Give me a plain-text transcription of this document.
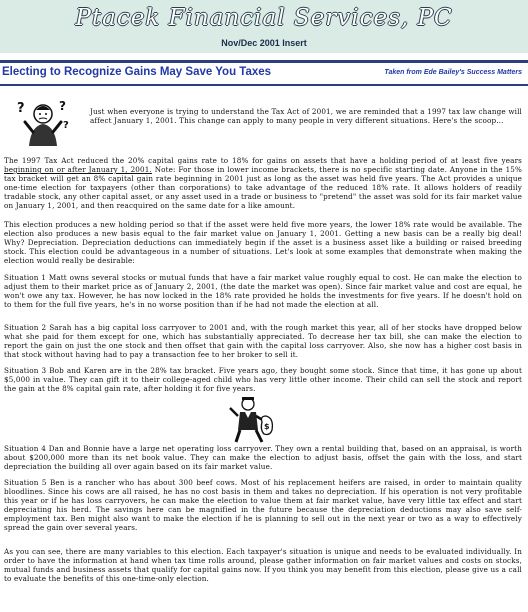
Ptacek Financial Services, PC
Nov/Dec 2001 Insert
Electing to Recognize Gains May Save You Taxes	Taken from Ede Bailey's Success Matters
?	?
?
Just when everyone is trying to understand the Tax Act of 2001, we are reminded that a 1997 tax law change will affect January 1, 2001. This change can apply to many people in very different situations. Here's the scoop...
The 1997 Tax Act reduced the 20% capital gains rate to 18% for gains on assets that have a holding period of at least five years beginning on or after January 1, 2001. Note: For those in lower income brackets, there is no specific starting date. Anyone in the 15% tax bracket will get an 8% capital gain rate beginning in 2001 just as long as the asset was held five years. The Act provides a unique one-time election for taxpayers (other than corporations) to take advantage of the reduced 18% rate. It allows holders of readily tradable stock, any other capital asset, or any asset used in a trade or business to "pretend" the asset was sold for its fair market value on January 1, 2001, and then reacquired on the same date for a like amount.
This election produces a new holding period so that if the asset were held five more years, the lower 18% rate would be available. The election also produces a new basis equal to the fair market value on January 1, 2001. Getting a new basis can be a really big deal! Why? Depreciation. Depreciation deductions can immediately begin if the asset is a business asset like a building or raised breeding stock. This election could be advantageous in a number of situations. Let's look at some examples that demonstrate when making the election would really be desirable:
Situation 1 Matt owns several stocks or mutual funds that have a fair market value roughly equal to cost. He can make the election to adjust them to their market price as of January 2, 2001, (the date the market was open). Since fair market value and cost are equal, he won't owe any tax. However, he has now locked in the 18% rate provided he holds the investments for five years. If he doesn't hold on to them for the full five years, he's in no worse position than if he had not made the election at all.
Situation 2 Sarah has a big capital loss carryover to 2001 and, with the rough market this year, all of her stocks have dropped below what she paid for them except for one, which has substantially appreciated. To decrease her tax bill, she can make the election to report the gain on just the one stock and then offset that gain with the capital loss carryover. Also, she now has a higher cost basis in that stock without having had to pay a transaction fee to her broker to sell it.
Situation 3 Bob and Karen are in the 28% tax bracket. Five years ago, they bought some stock. Since that time, it has gone up about $5,000 in value. They can gift it to their college-aged child who has very little other income. Their child can sell the stock and report the gain at the 8% capital gain rate, after holding it for five years.
$
Situation 4 Dan and Bonnie have a large net operating loss carryover. They own a rental building that, based on an appraisal, is worth about $200,000 more than its net book value. They can make the election to adjust basis, offset the gain with the loss, and start depreciation the building all over again based on its fair market value.
Situation 5 Ben is a rancher who has about 300 beef cows. Most of his replacement heifers are raised, in order to maintain quality bloodlines. Since his cows are all raised, he has no cost basis in them and takes no depreciation. If his operation is not very profitable this year or if he has loss carryovers, he can make the election to value them at fair market value, have very little tax effect and start depreciating his herd. The savings here can be magnified in the future because the depreciation deductions may also save self-employment tax. Ben might also want to make the election if he is planning to sell out in the next year or two as a way to effectively spread the gain over several years.
As you can see, there are many variables to this election. Each taxpayer's situation is unique and needs to be evaluated individually. In order to have the information at hand when tax time rolls around, please gather information on fair market values and costs on stocks, mutual funds and business assets that qualify for capital gains now. If you think you may benefit from this election, please give us a call to evaluate the benefits of this one-time-only election.
